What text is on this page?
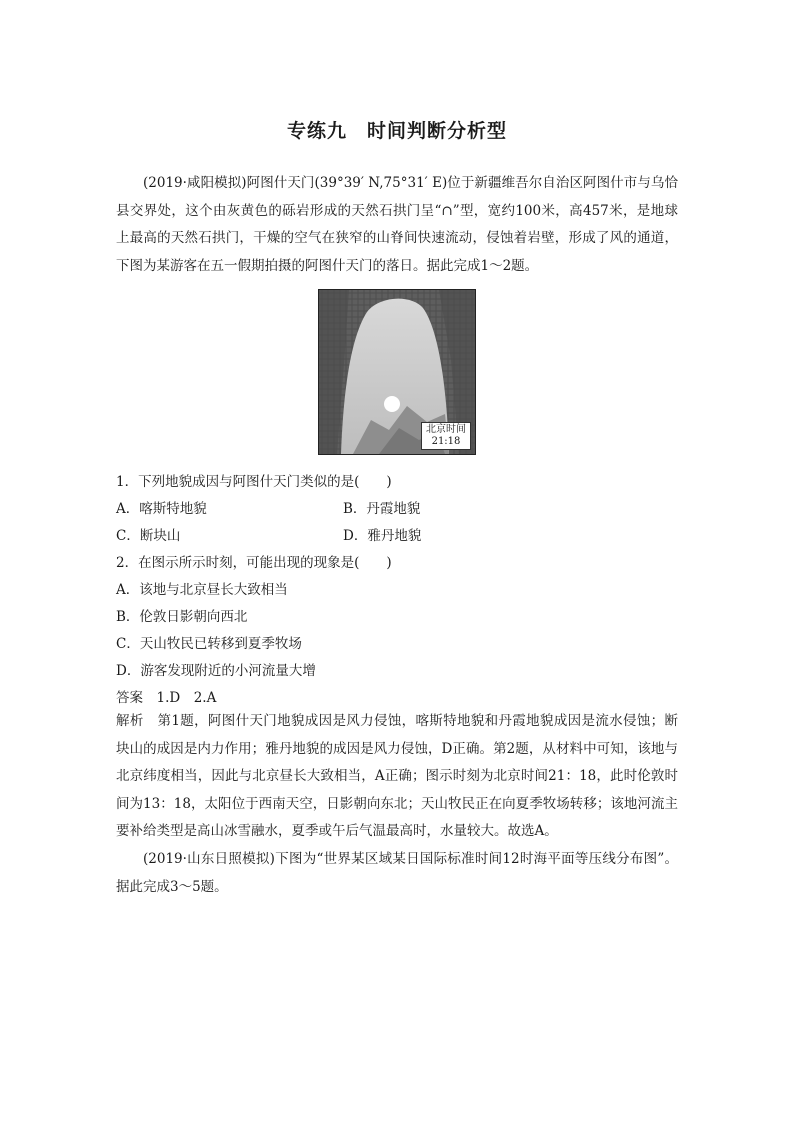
专练九　时间判断分析型
(2019·咸阳模拟)阿图什天门(39°39′ N,75°31′ E)位于新疆维吾尔自治区阿图什市与乌恰县交界处，这个由灰黄色的砾岩形成的天然石拱门呈“∩”型，宽约100米，高457米，是地球上最高的天然石拱门，干燥的空气在狭窄的山脊间快速流动，侵蚀着岩壁，形成了风的通道，下图为某游客在五一假期拍摄的阿图什天门的落日。据此完成1～2题。
北京时间
21:18
1．下列地貌成因与阿图什天门类似的是(　　)
A．喀斯特地貌	B．丹霞地貌
C．断块山	D．雅丹地貌
2．在图示所示时刻，可能出现的现象是(　　)
A．该地与北京昼长大致相当
B．伦敦日影朝向西北
C．天山牧民已转移到夏季牧场
D．游客发现附近的小河流量大增
答案　1.D　2.A
解析　第1题，阿图什天门地貌成因是风力侵蚀，喀斯特地貌和丹霞地貌成因是流水侵蚀；断块山的成因是内力作用；雅丹地貌的成因是风力侵蚀，D正确。第2题，从材料中可知，该地与北京纬度相当，因此与北京昼长大致相当，A正确；图示时刻为北京时间21：18，此时伦敦时间为13：18，太阳位于西南天空，日影朝向东北；天山牧民正在向夏季牧场转移；该地河流主要补给类型是高山冰雪融水，夏季或午后气温最高时，水量较大。故选A。
(2019·山东日照模拟)下图为“世界某区域某日国际标准时间12时海平面等压线分布图”。据此完成3～5题。
